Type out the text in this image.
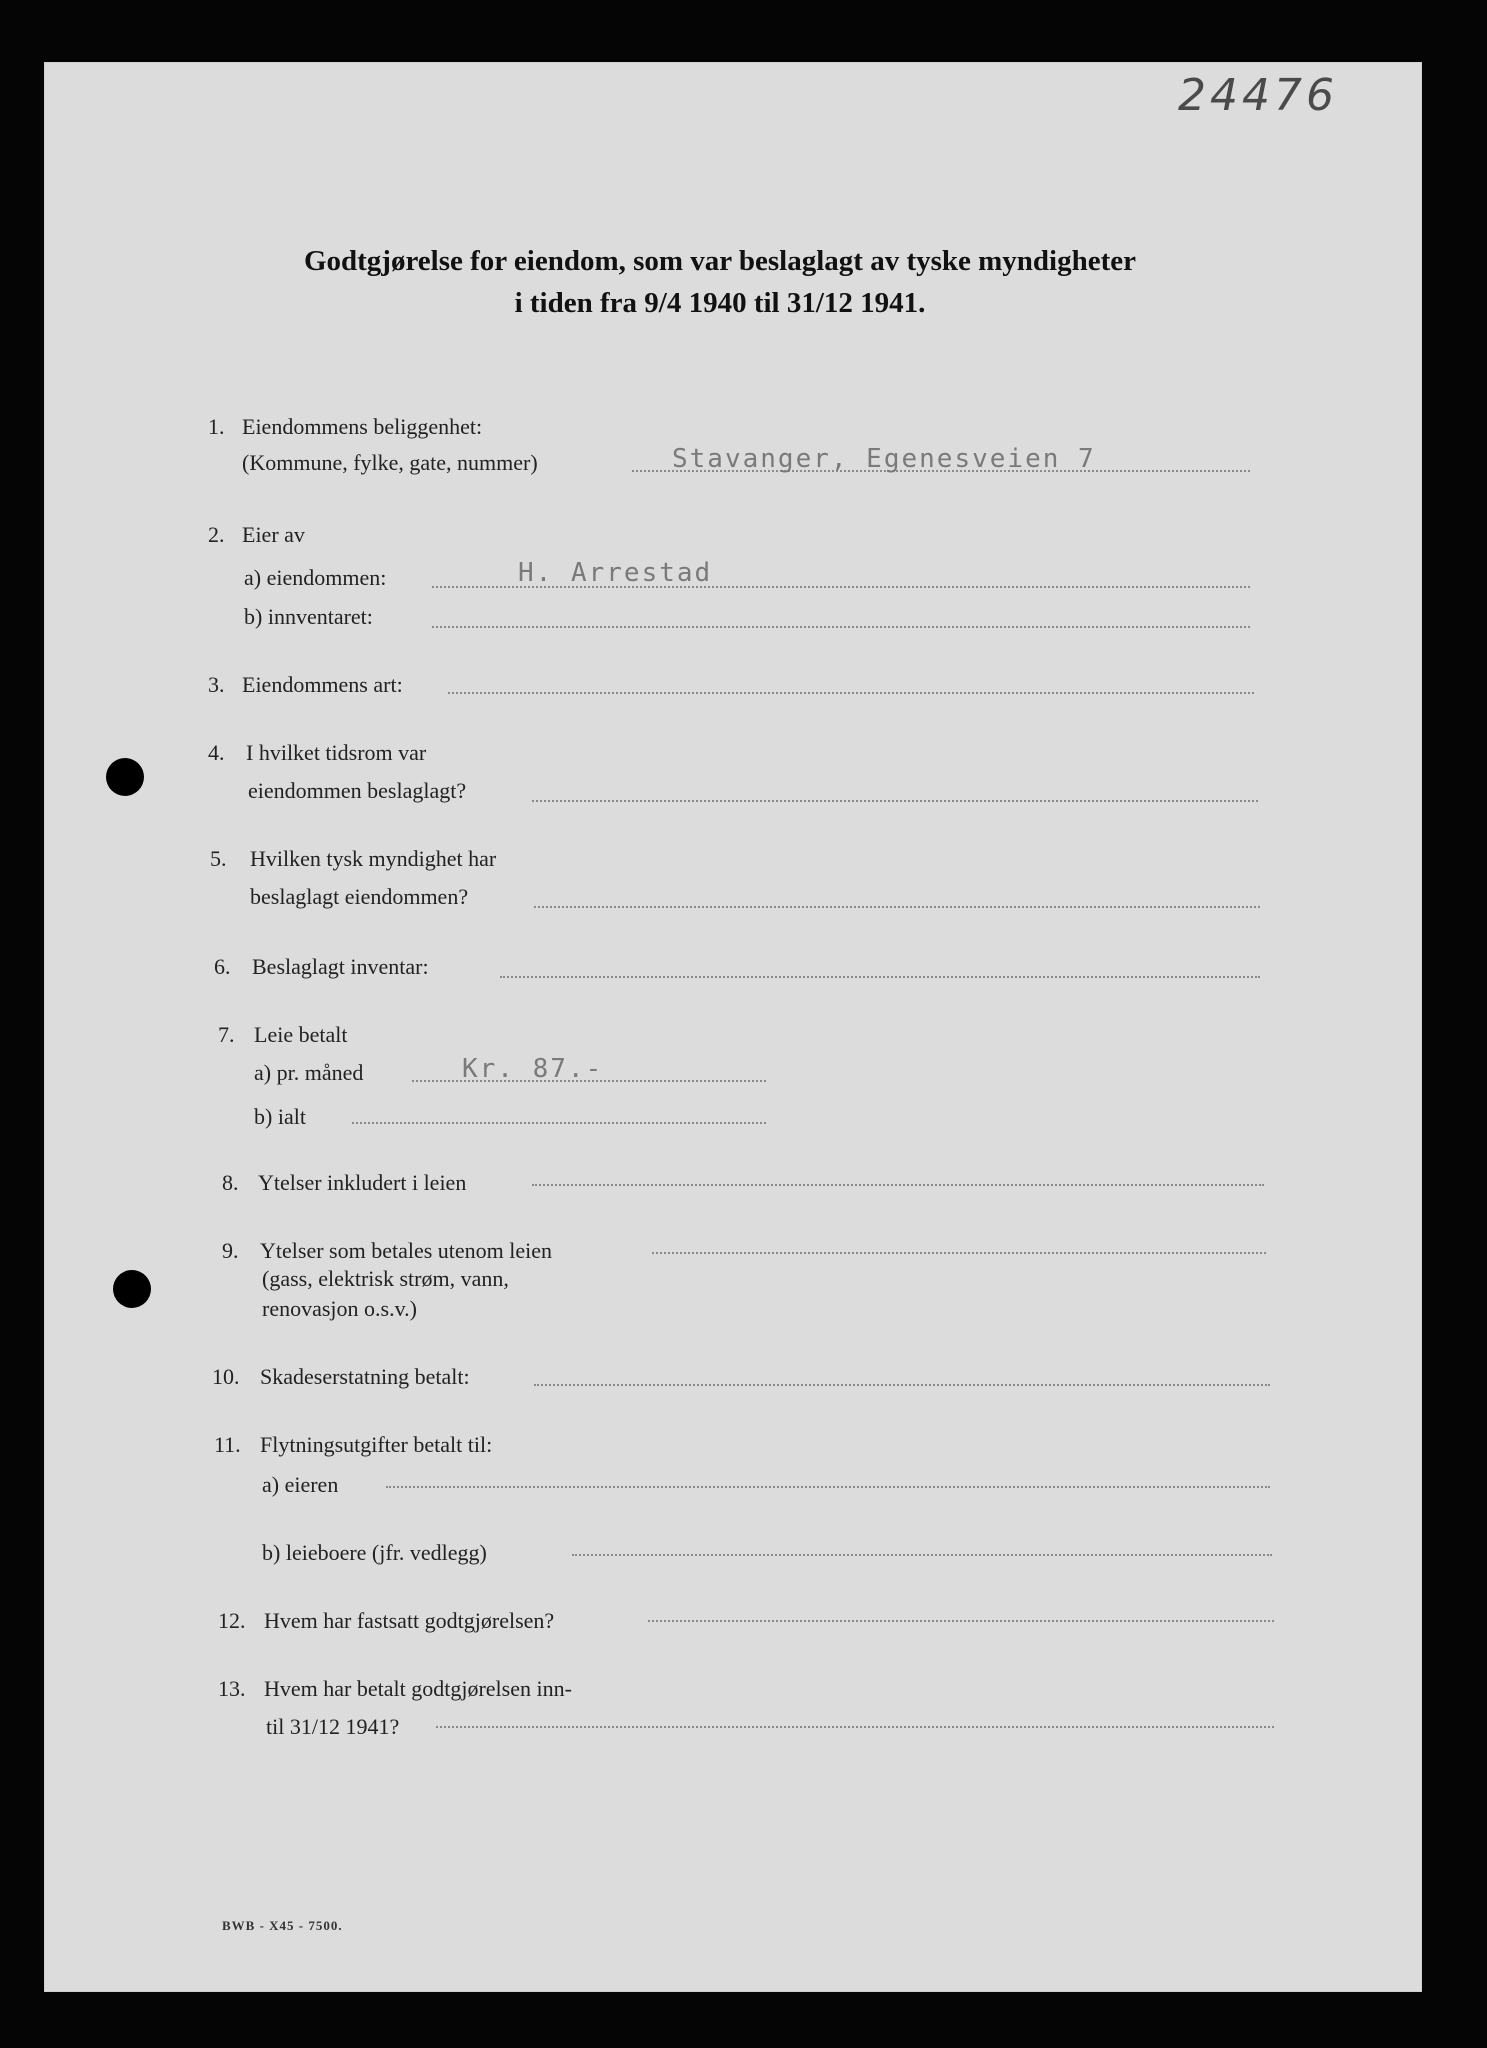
24476
Godtgjørelse for eiendom, som var beslaglagt av tyske myndigheter
i tiden fra 9/4 1940 til 31/12 1941.
1. Eiendommens beliggenhet:
(Kommune, fylke, gate, nummer)	Stavanger, Egenesveien 7
2. Eier av
a) eiendommen:	H. Arrestad
b) innventaret:
3. Eiendommens art:
4. I hvilket tidsrom var
eiendommen beslaglagt?
5. Hvilken tysk myndighet har
beslaglagt eiendommen?
6. Beslaglagt inventar:
7. Leie betalt
a) pr. måned	Kr. 87.-
b) ialt
8. Ytelser inkludert i leien
9. Ytelser som betales utenom leien
(gass, elektrisk strøm, vann,
renovasjon o.s.v.)
10. Skadeserstatning betalt:
11. Flytningsutgifter betalt til:
a) eieren
b) leieboere (jfr. vedlegg)
12. Hvem har fastsatt godtgjørelsen?
13. Hvem har betalt godtgjørelsen inn-
til 31/12 1941?
BWB - X45 - 7500.
